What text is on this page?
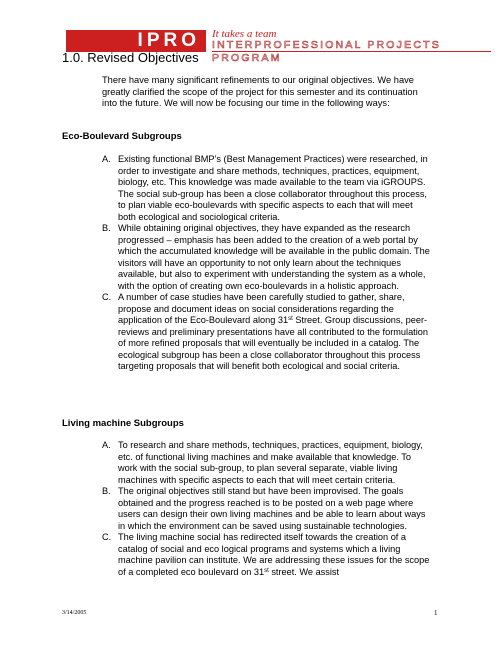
IPRO	It takes a team
INTERPROFESSIONAL PROJECTS PROGRAM
1.0. Revised Objectives

There have many significant refinements to our original objectives. We have greatly clarified the scope of the project for this semester and its continuation into the future. We will now be focusing our time in the following ways:

Eco-Boulevard Subgroups

A. Existing functional BMP’s (Best Management Practices) were researched, in order to investigate and share methods, techniques, practices, equipment, biology, etc. This knowledge was made available to the team via iGROUPS. The social sub-group has been a close collaborator throughout this process, to plan viable eco-boulevards with specific aspects to each that will meet both ecological and sociological criteria.

B. While obtaining original objectives, they have expanded as the research progressed – emphasis has been added to the creation of a web portal by which the accumulated knowledge will be available in the public domain. The visitors will have an opportunity to not only learn about the techniques available, but also to experiment with understanding the system as a whole, with the option of creating own eco-boulevards in a holistic approach.

C. A number of case studies have been carefully studied to gather, share, propose and document ideas on social considerations regarding the application of the Eco-Boulevard along 31st Street. Group discussions, peer-reviews and preliminary presentations have all contributed to the formulation of more refined proposals that will eventually be included in a catalog. The ecological subgroup has been a close collaborator throughout this process targeting proposals that will benefit both ecological and social criteria.

Living machine Subgroups

A. To research and share methods, techniques, practices, equipment, biology, etc. of functional living machines and make available that knowledge. To work with the social sub-group, to plan several separate, viable living machines with specific aspects to each that will meet certain criteria.

B. The original objectives still stand but have been improvised. The goals obtained and the progress reached is to be posted on a web page where users can design their own living machines and be able to learn about ways in which the environment can be saved using sustainable technologies.

C. The living machine social has redirected itself towards the creation of a catalog of social and eco logical programs and systems which a living machine pavilion can institute. We are addressing these issues for the scope of a completed eco boulevard on 31st street. We assist

3/14/2005	1
